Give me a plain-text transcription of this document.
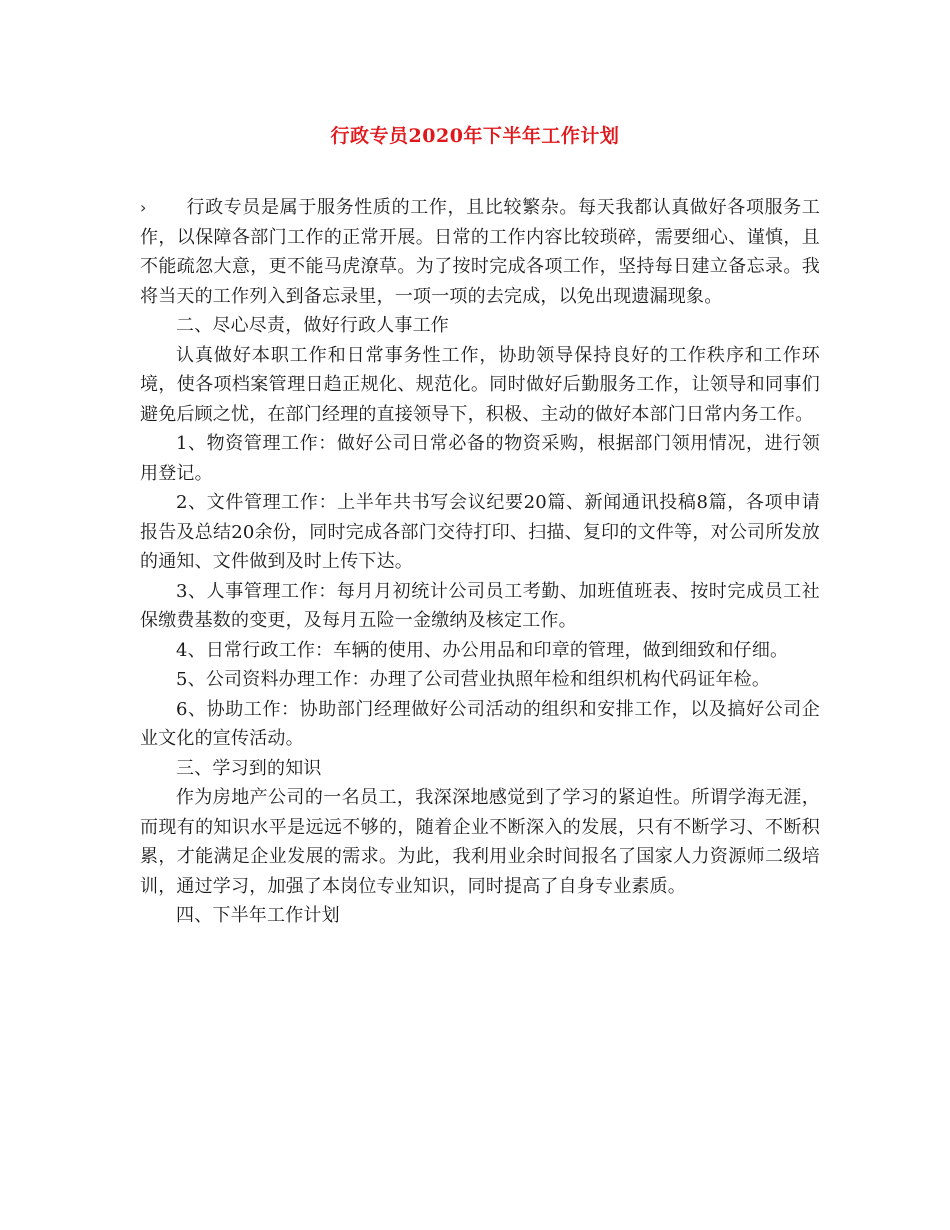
行政专员2020年下半年工作计划

› 行政专员是属于服务性质的工作，且比较繁杂。每天我都认真做好各项服务工作，以保障各部门工作的正常开展。日常的工作内容比较琐碎，需要细心、谨慎，且不能疏忽大意，更不能马虎潦草。为了按时完成各项工作，坚持每日建立备忘录。我将当天的工作列入到备忘录里，一项一项的去完成，以免出现遗漏现象。

二、尽心尽责，做好行政人事工作

认真做好本职工作和日常事务性工作，协助领导保持良好的工作秩序和工作环境，使各项档案管理日趋正规化、规范化。同时做好后勤服务工作，让领导和同事们避免后顾之忧，在部门经理的直接领导下，积极、主动的做好本部门日常内务工作。

1、物资管理工作：做好公司日常必备的物资采购，根据部门领用情况，进行领用登记。

2、文件管理工作：上半年共书写会议纪要20篇、新闻通讯投稿8篇，各项申请报告及总结20余份，同时完成各部门交待打印、扫描、复印的文件等，对公司所发放的通知、文件做到及时上传下达。

3、人事管理工作：每月月初统计公司员工考勤、加班值班表、按时完成员工社保缴费基数的变更，及每月五险一金缴纳及核定工作。

4、日常行政工作：车辆的使用、办公用品和印章的管理，做到细致和仔细。

5、公司资料办理工作：办理了公司营业执照年检和组织机构代码证年检。

6、协助工作：协助部门经理做好公司活动的组织和安排工作，以及搞好公司企业文化的宣传活动。

三、学习到的知识

作为房地产公司的一名员工，我深深地感觉到了学习的紧迫性。所谓学海无涯，而现有的知识水平是远远不够的，随着企业不断深入的发展，只有不断学习、不断积累，才能满足企业发展的需求。为此，我利用业余时间报名了国家人力资源师二级培训，通过学习，加强了本岗位专业知识，同时提高了自身专业素质。

四、下半年工作计划
